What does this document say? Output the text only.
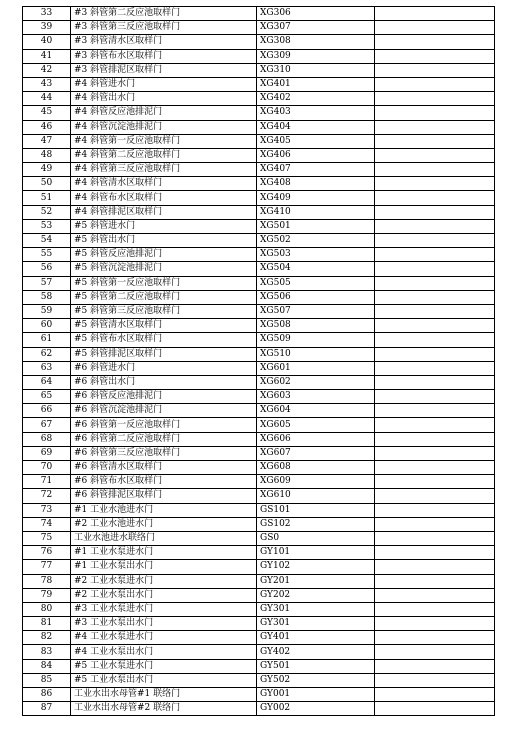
33	#3 斜管第二反应池取样门	XG306	
39	#3 斜管第三反应池取样门	XG307	
40	#3 斜管清水区取样门	XG308	
41	#3 斜管布水区取样门	XG309	
42	#3 斜管排泥区取样门	XG310	
43	#4 斜管进水门	XG401	
44	#4 斜管出水门	XG402	
45	#4 斜管反应池排泥门	XG403	
46	#4 斜管沉淀池排泥门	XG404	
47	#4 斜管第一反应池取样门	XG405	
48	#4 斜管第二反应池取样门	XG406	
49	#4 斜管第三反应池取样门	XG407	
50	#4 斜管清水区取样门	XG408	
51	#4 斜管布水区取样门	XG409	
52	#4 斜管排泥区取样门	XG410	
53	#5 斜管进水门	XG501	
54	#5 斜管出水门	XG502	
55	#5 斜管反应池排泥门	XG503	
56	#5 斜管沉淀池排泥门	XG504	
57	#5 斜管第一反应池取样门	XG505	
58	#5 斜管第二反应池取样门	XG506	
59	#5 斜管第三反应池取样门	XG507	
60	#5 斜管清水区取样门	XG508	
61	#5 斜管布水区取样门	XG509	
62	#5 斜管排泥区取样门	XG510	
63	#6 斜管进水门	XG601	
64	#6 斜管出水门	XG602	
65	#6 斜管反应池排泥门	XG603	
66	#6 斜管沉淀池排泥门	XG604	
67	#6 斜管第一反应池取样门	XG605	
68	#6 斜管第二反应池取样门	XG606	
69	#6 斜管第三反应池取样门	XG607	
70	#6 斜管清水区取样门	XG608	
71	#6 斜管布水区取样门	XG609	
72	#6 斜管排泥区取样门	XG610	
73	#1 工业水池进水门	GS101	
74	#2 工业水池进水门	GS102	
75	工业水池进水联络门	GS0	
76	#1 工业水泵进水门	GY101	
77	#1 工业水泵出水门	GY102	
78	#2 工业水泵进水门	GY201	
79	#2 工业水泵出水门	GY202	
80	#3 工业水泵进水门	GY301	
81	#3 工业水泵出水门	GY301	
82	#4 工业水泵进水门	GY401	
83	#4 工业水泵出水门	GY402	
84	#5 工业水泵进水门	GY501	
85	#5 工业水泵出水门	GY502	
86	工业水出水母管#1 联络门	GY001	
87	工业水出水母管#2 联络门	GY002	
